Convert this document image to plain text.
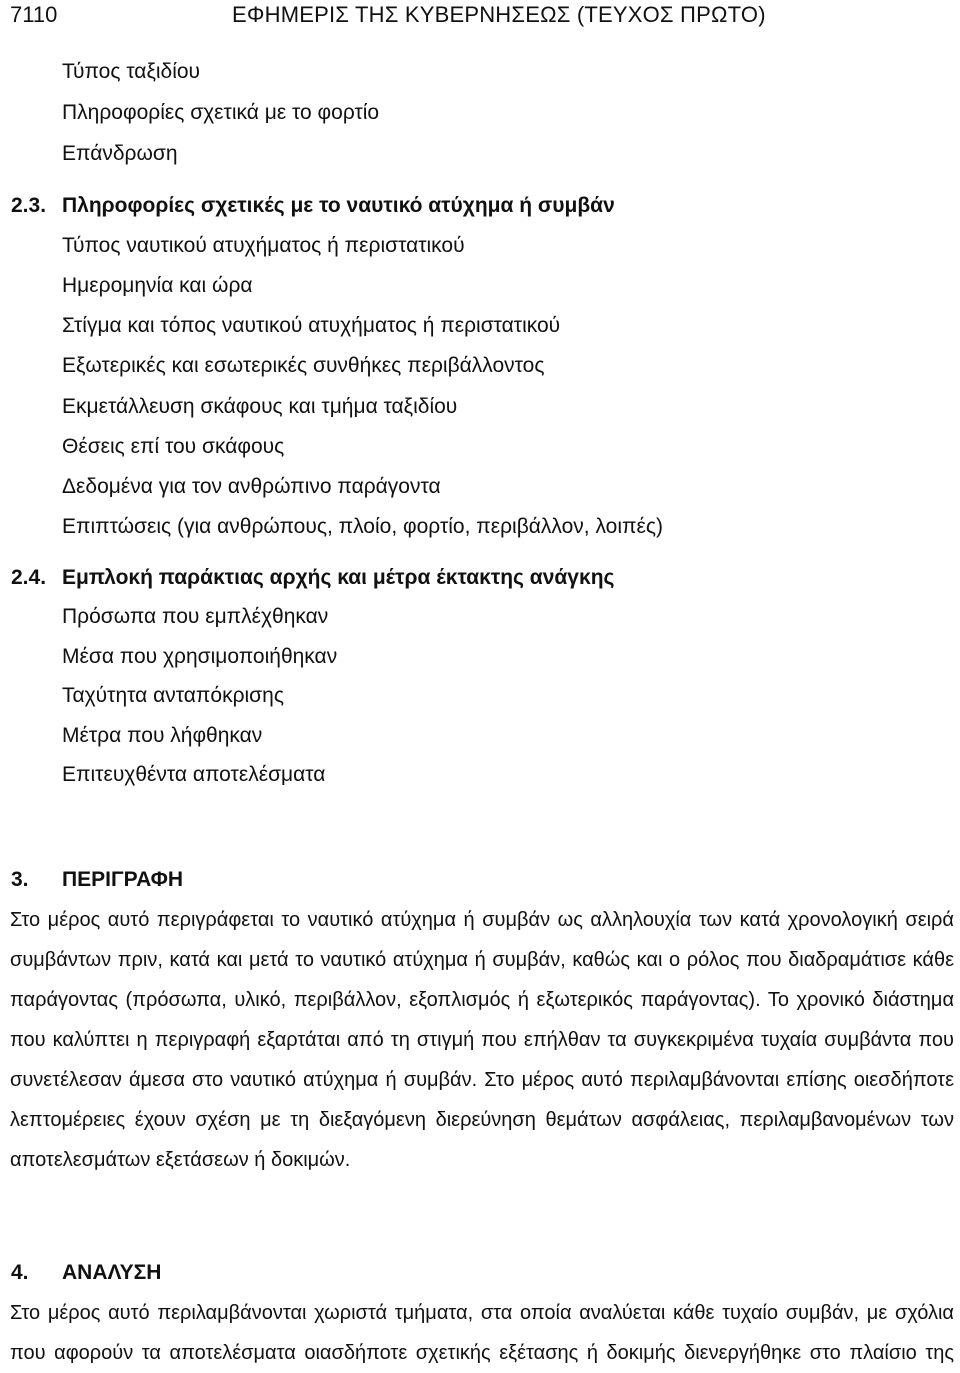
7110	ΕΦΗΜΕΡΙΣ ΤΗΣ ΚΥΒΕΡΝΗΣΕΩΣ (ΤΕΥΧΟΣ ΠΡΩΤΟ)
Τύπος ταξιδίου
Πληροφορίες σχετικά με το φορτίο
Επάνδρωση
2.3. Πληροφορίες σχετικές με το ναυτικό ατύχημα ή συμβάν
Τύπος ναυτικού ατυχήματος ή περιστατικού
Ημερομηνία και ώρα
Στίγμα και τόπος ναυτικού ατυχήματος ή περιστατικού
Εξωτερικές και εσωτερικές συνθήκες περιβάλλοντος
Εκμετάλλευση σκάφους και τμήμα ταξιδίου
Θέσεις επί του σκάφους
Δεδομένα για τον ανθρώπινο παράγοντα
Επιπτώσεις (για ανθρώπους, πλοίο, φορτίο, περιβάλλον, λοιπές)
2.4. Εμπλοκή παράκτιας αρχής και μέτρα έκτακτης ανάγκης
Πρόσωπα που εμπλέχθηκαν
Μέσα που χρησιμοποιήθηκαν
Ταχύτητα ανταπόκρισης
Μέτρα που λήφθηκαν
Επιτευχθέντα αποτελέσματα
3. ΠΕΡΙΓΡΑΦΗ
Στο μέρος αυτό περιγράφεται το ναυτικό ατύχημα ή συμβάν ως αλληλουχία των κατά χρονολογική σειρά συμβάντων πριν, κατά και μετά το ναυτικό ατύχημα ή συμβάν, καθώς και ο ρόλος που διαδραμάτισε κάθε παράγοντας (πρόσωπα, υλικό, περιβάλλον, εξοπλισμός ή εξωτερικός παράγοντας). Το χρονικό διάστημα που καλύπτει η περιγραφή εξαρτάται από τη στιγμή που επήλθαν τα συγκεκριμένα τυχαία συμβάντα που συνετέλεσαν άμεσα στο ναυτικό ατύχημα ή συμβάν. Στο μέρος αυτό περιλαμβάνονται επίσης οιεσδήποτε λεπτομέρειες έχουν σχέση με τη διεξαγόμενη διερεύνηση θεμάτων ασφάλειας, περιλαμβανομένων των αποτελεσμάτων εξετάσεων ή δοκιμών.
4. ΑΝΑΛΥΣΗ
Στο μέρος αυτό περιλαμβάνονται χωριστά τμήματα, στα οποία αναλύεται κάθε τυχαίο συμβάν, με σχόλια που αφορούν τα αποτελέσματα οιασδήποτε σχετικής εξέτασης ή δοκιμής διενεργήθηκε στο πλαίσιο της
